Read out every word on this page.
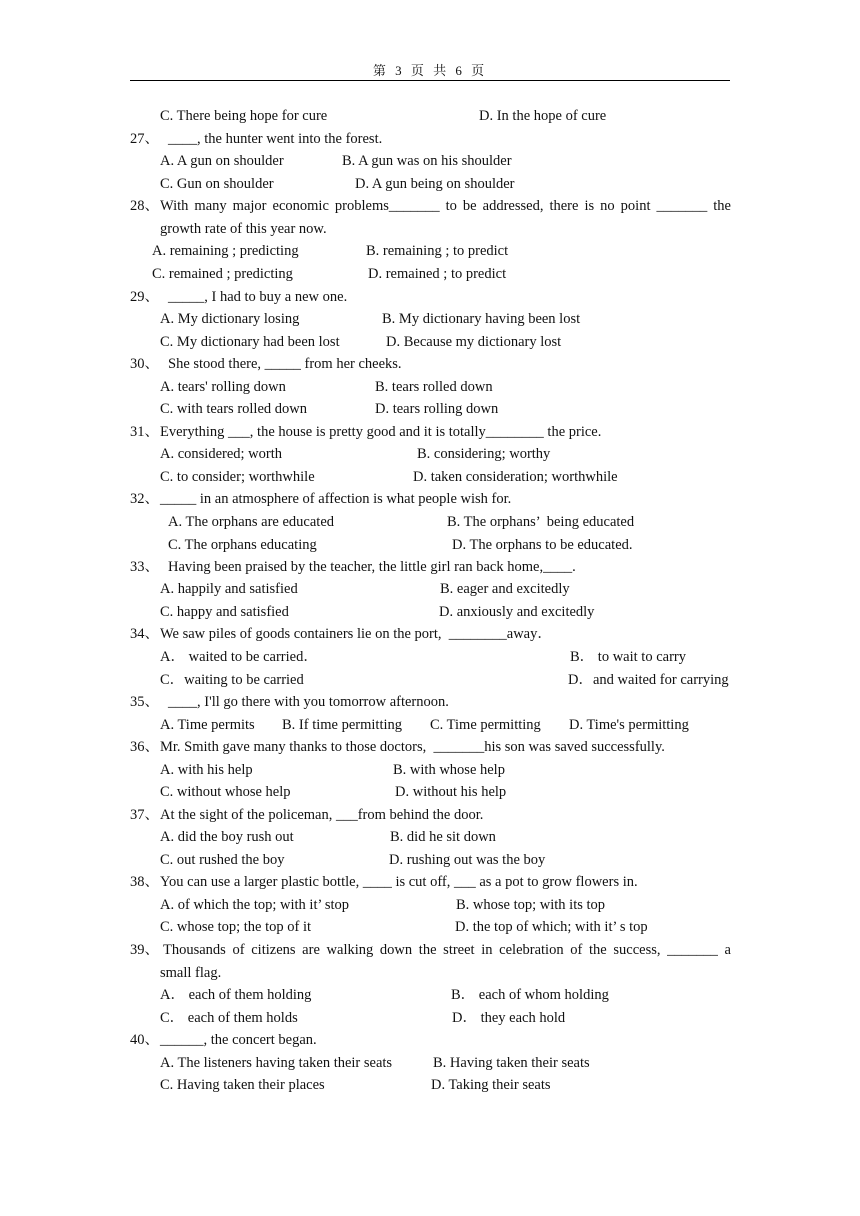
第 3 页 共 6 页
C. There being hope for cure	D. In the hope of cure
27、 ____, the hunter went into the forest.
A. A gun on shoulder	B. A gun was on his shoulder
C. Gun on shoulder	D. A gun being on shoulder
28、 With many major economic problems_______ to be addressed, there is no point _______ the
growth rate of this year now.
A. remaining ; predicting	B. remaining ; to predict
C. remained ; predicting	D. remained ; to predict
29、 _____, I had to buy a new one.
A. My dictionary losing	B. My dictionary having been lost
C. My dictionary had been lost	D. Because my dictionary lost
30、 She stood there, _____ from her cheeks.
A. tears' rolling down	B. tears rolled down
C. with tears rolled down	D. tears rolling down
31、 Everything ___, the house is pretty good and it is totally________ the price.
A. considered; worth	B. considering; worthy
C. to consider; worthwhile	D. taken consideration; worthwhile
32、 _____ in an atmosphere of affection is what people wish for.
A. The orphans are educated	B. The orphans’  being educated
C. The orphans educating	D. The orphans to be educated.
33、 Having been praised by the teacher, the little girl ran back home,____.
A. happily and satisfied	B. eager and excitedly
C. happy and satisfied	D. anxiously and excitedly
34、 We saw piles of goods containers lie on the port,  ________away．
A． waited to be carried．	B． to wait to carry
C．waiting to be carried	D．and waited for carrying
35、 ____, I'll go there with you tomorrow afternoon.
A. Time permits B. If time permitting C. Time permitting D. Time's permitting
36、 Mr. Smith gave many thanks to those doctors,  _______his son was saved successfully.
A. with his help	B. with whose help
C. without whose help	D. without his help
37、 At the sight of the policeman, ___from behind the door.
A. did the boy rush out	B. did he sit down
C. out rushed the boy	D. rushing out was the boy
38、 You can use a larger plastic bottle, ____ is cut off, ___ as a pot to grow flowers in.
A. of which the top; with it’ stop	B. whose top; with its top
C. whose top; the top of it	D. the top of which; with it’ s top
39、 Thousands of citizens are walking down the street in celebration of the success, _______ a
small flag.
A． each of them holding	B． each of whom holding
C． each of them holds	D． they each hold
40、 ______, the concert began.
A. The listeners having taken their seats	B. Having taken their seats
C. Having taken their places	D. Taking their seats
